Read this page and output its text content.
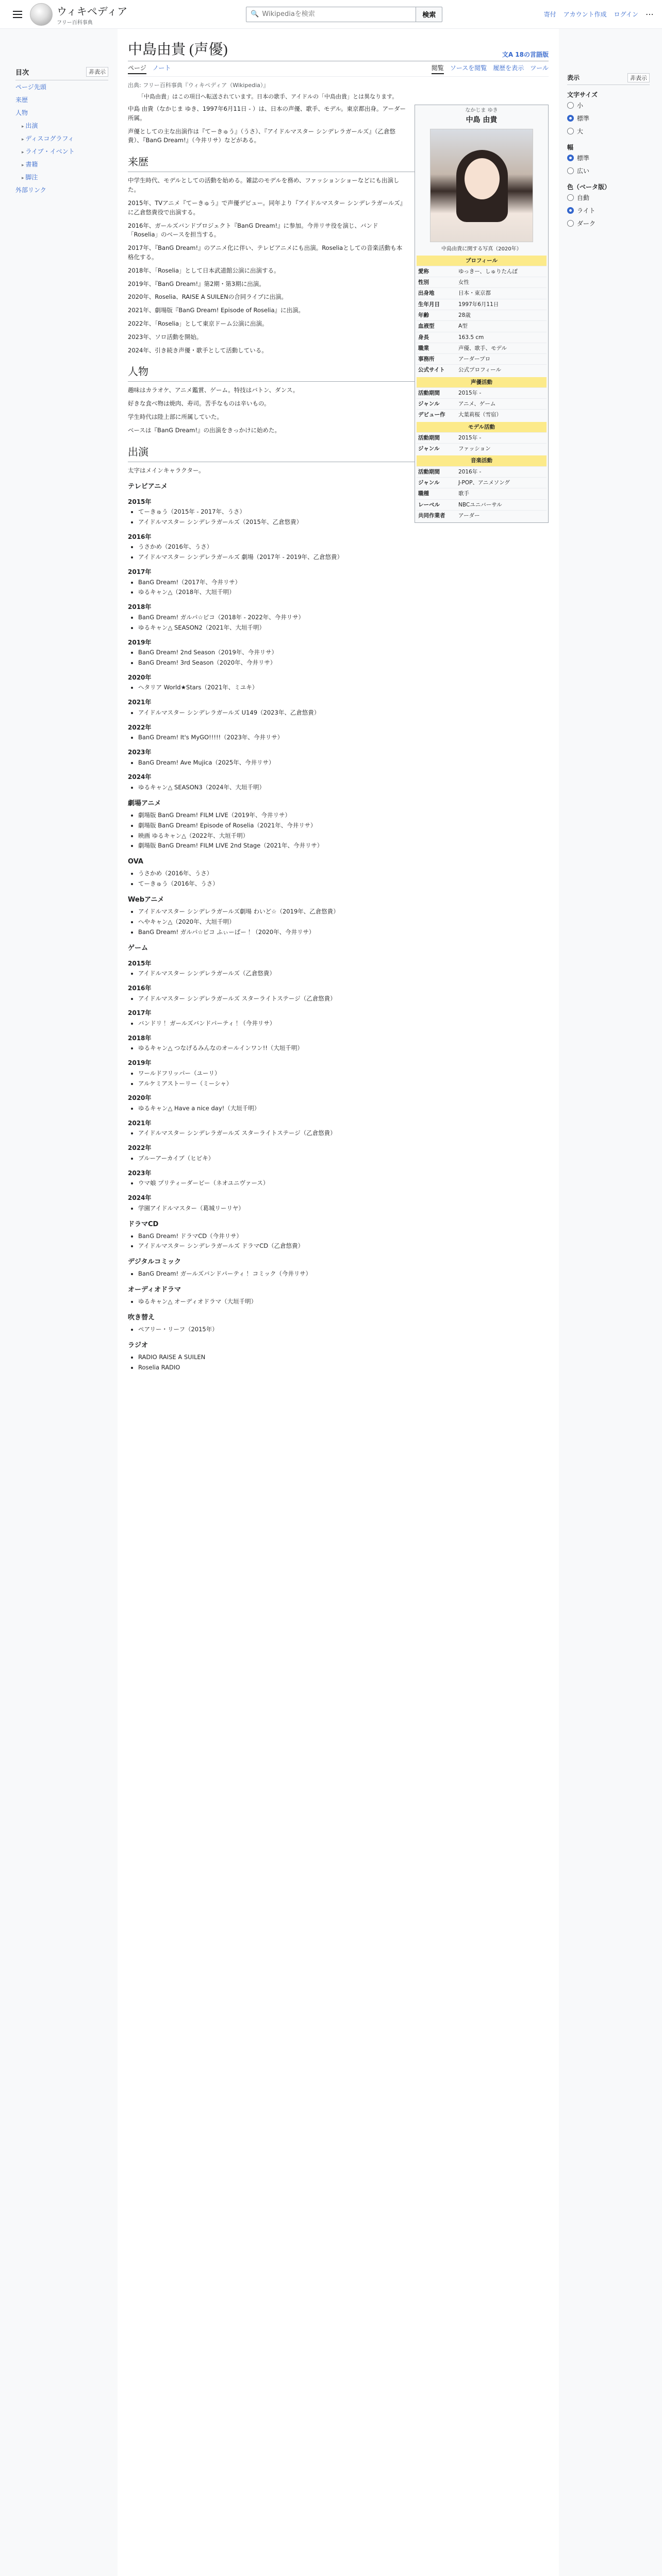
ウィキペディア
フリー百科事典
🔍
Wikipediaを検索	検索	寄付 アカウント作成 ログイン ⋯
目次	非表示
ページ先頭
来歴
人物
▸ 出演
▸ ディスコグラフィ
▸ ライブ・イベント
▸ 書籍
▸ 脚注
外部リンク
表示	非表示
文字サイズ
小
標準
大
幅
標準
広い
色（ベータ版）
自動
ライト
ダーク
中島由貴 (声優)	文A 18の言語版
ページ ノート	閲覧 ソースを閲覧 履歴を表示 ツール
出典: フリー百科事典『ウィキペディア（Wikipedia）』
「中島由貴」はこの項目へ転送されています。日本の歌手、アイドルの「中島由貴」とは異なります。
なかじま ゆき
中島 由貴
中島由貴に関する写真（2020年）
プロフィール
愛称	ゆっきー、しゅりたんぽ
性別	女性
出身地	日本・東京都
生年月日	1997年6月11日
年齢	28歳
血液型	A型
身長	163.5 cm
職業	声優、歌手、モデル
事務所	アーダープロ
公式サイト	公式プロフィール
声優活動
活動期間	2015年 -
ジャンル	アニメ、ゲーム
デビュー作	大葉莉桜（雪宿）
モデル活動
活動期間	2015年 -
ジャンル	ファッション
音楽活動
活動期間	2016年 -
ジャンル	J-POP、アニメソング
職種	歌手
レーベル	NBCユニバーサル
共同作業者	アーダー

中島 由貴（なかじま ゆき、1997年6月11日 - ）は、日本の声優、歌手、モデル。東京都出身。アーダー所属。

声優としての主な出演作は『てーきゅう』（うさ）、『アイドルマスター シンデレラガールズ』（乙倉悠貴）、『BanG Dream!』（今井リサ）などがある。

来歴

中学生時代、モデルとしての活動を始める。雑誌のモデルを務め、ファッションショーなどにも出演した。

2015年、TVアニメ『てーきゅう』で声優デビュー。同年より『アイドルマスター シンデレラガールズ』に乙倉悠貴役で出演する。

2016年、ガールズバンドプロジェクト『BanG Dream!』に参加。今井リサ役を演じ、バンド「Roselia」のベースを担当する。

2017年、『BanG Dream!』のアニメ化に伴い、テレビアニメにも出演。Roseliaとしての音楽活動も本格化する。

2018年、「Roselia」として日本武道館公演に出演する。

2019年、『BanG Dream!』第2期・第3期に出演。

2020年、Roselia、RAISE A SUILENの合同ライブに出演。

2021年、劇場版『BanG Dream! Episode of Roselia』に出演。

2022年、「Roselia」として東京ドーム公演に出演。

2023年、ソロ活動を開始。

2024年、引き続き声優・歌手として活動している。

人物

趣味はカラオケ、アニメ鑑賞、ゲーム。特技はバトン、ダンス。

好きな食べ物は焼肉、寿司。苦手なものは辛いもの。

学生時代は陸上部に所属していた。

ベースは『BanG Dream!』の出演をきっかけに始めた。

出演

太字はメインキャラクター。

テレビアニメ
2015年
• てーきゅう（2015年 - 2017年、うさ）
• アイドルマスター シンデレラガールズ（2015年、乙倉悠貴）
2016年
• うさかめ（2016年、うさ）
• アイドルマスター シンデレラガールズ 劇場（2017年 - 2019年、乙倉悠貴）
2017年
• BanG Dream!（2017年、今井リサ）
• ゆるキャン△（2018年、大垣千明）
2018年
• BanG Dream! ガルパ☆ピコ（2018年 - 2022年、今井リサ）
• ゆるキャン△ SEASON2（2021年、大垣千明）
2019年
• BanG Dream! 2nd Season（2019年、今井リサ）
• BanG Dream! 3rd Season（2020年、今井リサ）
2020年
• ヘタリア World★Stars（2021年、ミユキ）
2021年
• アイドルマスター シンデレラガールズ U149（2023年、乙倉悠貴）
2022年
• BanG Dream! It's MyGO!!!!!（2023年、今井リサ）
2023年
• BanG Dream! Ave Mujica（2025年、今井リサ）
2024年
• ゆるキャン△ SEASON3（2024年、大垣千明）
劇場アニメ
• 劇場版 BanG Dream! FILM LIVE（2019年、今井リサ）
• 劇場版 BanG Dream! Episode of Roselia（2021年、今井リサ）
• 映画 ゆるキャン△（2022年、大垣千明）
• 劇場版 BanG Dream! FILM LIVE 2nd Stage（2021年、今井リサ）
OVA
• うさかめ（2016年、うさ）
• てーきゅう（2016年、うさ）
Webアニメ
• アイドルマスター シンデレラガールズ劇場 わいど☆（2019年、乙倉悠貴）
• へやキャン△（2020年、大垣千明）
• BanG Dream! ガルパ☆ピコ ふぃーばー！（2020年、今井リサ）
ゲーム
2015年
• アイドルマスター シンデレラガールズ（乙倉悠貴）
2016年
• アイドルマスター シンデレラガールズ スターライトステージ（乙倉悠貴）
2017年
• バンドリ！ ガールズバンドパーティ！（今井リサ）
2018年
• ゆるキャン△ つなげるみんなのオールインワン!!（大垣千明）
2019年
• ワールドフリッパー（ユーリ）
• アルケミアストーリー（ミーシャ）
2020年
• ゆるキャン△ Have a nice day!（大垣千明）
2021年
• アイドルマスター シンデレラガールズ スターライトステージ（乙倉悠貴）
2022年
• ブルーアーカイブ（ヒビキ）
2023年
• ウマ娘 プリティーダービー（ネオユニヴァース）
2024年
• 学園アイドルマスター（葛城リーリヤ）
ドラマCD
• BanG Dream! ドラマCD（今井リサ）
• アイドルマスター シンデレラガールズ ドラマCD（乙倉悠貴）
デジタルコミック
• BanG Dream! ガールズバンドパーティ！ コミック（今井リサ）
オーディオドラマ
• ゆるキャン△ オーディオドラマ（大垣千明）
吹き替え
• ペアリー・リーフ（2015年）
ラジオ
• RADIO RAISE A SUILEN
• Roselia RADIO
